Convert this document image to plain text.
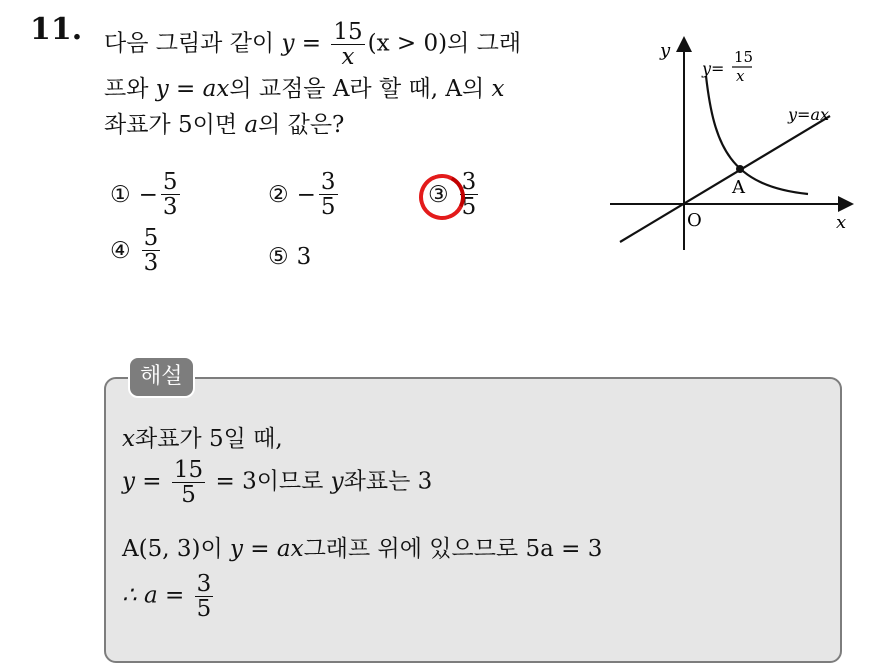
11. 다음 그림과 같이 $y = \frac{15}{x} (x > 0)$의 그래
프와 y = ax의 교점을 A라 할 때, A의 x
좌표가 5이면 a의 값은?
① − $\frac{5}{3}$	② − $\frac{3}{5}$	③ $\frac{3}{5}$
④ $\frac{5}{3}$	⑤ 3
y
x
O
A
y=
15
x
y=ax
해설
x좌표가 5일 때,
$y = \frac{15}{5} = 3$이므로 y좌표는 3
A(5, 3)이 y = ax그래프 위에 있으므로 5a = 3
∴ $a = \frac{3}{5}$
